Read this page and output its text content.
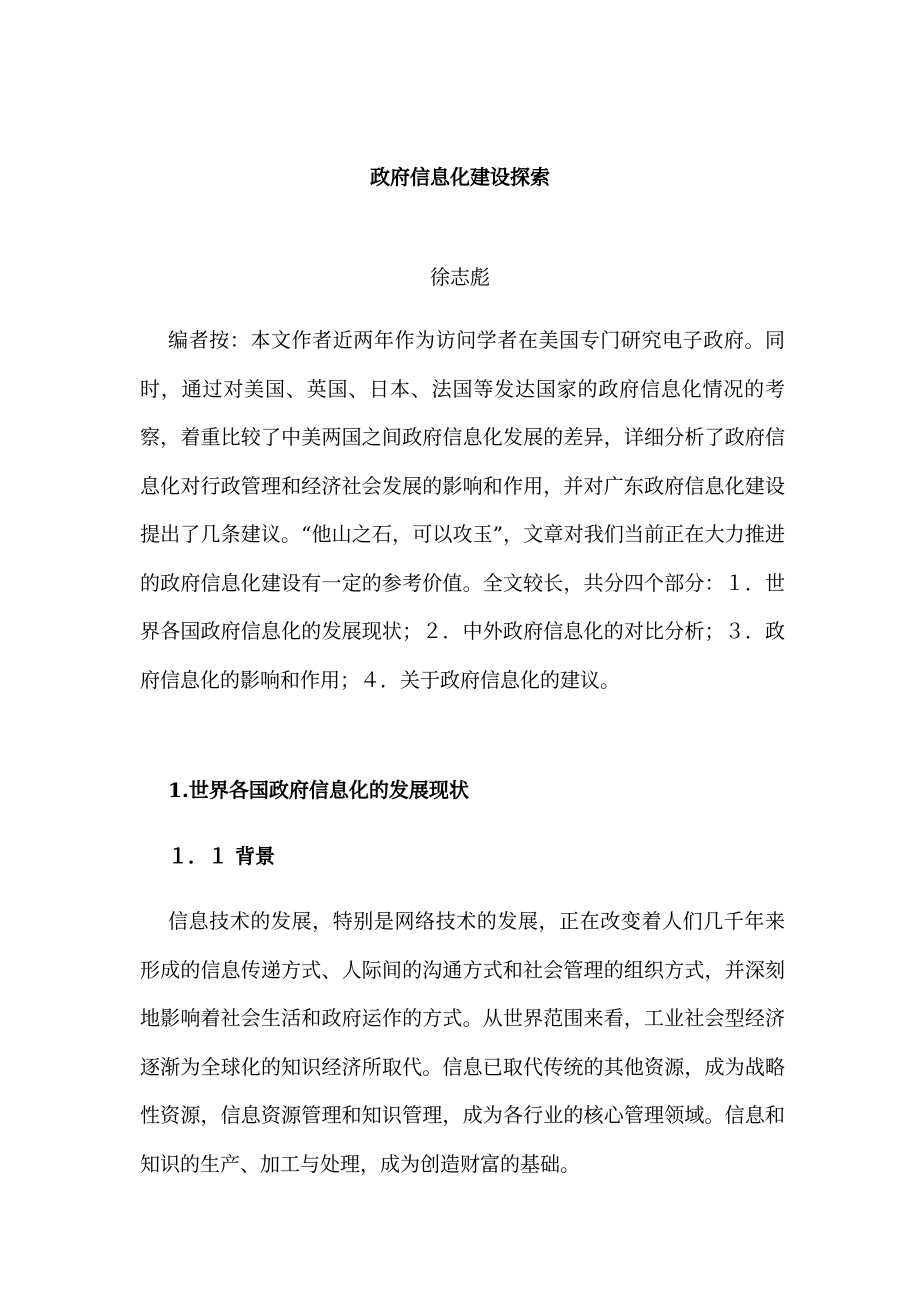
政府信息化建设探索
徐志彪

编者按：本文作者近两年作为访问学者在美国专门研究电子政府。同时，通过对美国、英国、日本、法国等发达国家的政府信息化情况的考察，着重比较了中美两国之间政府信息化发展的差异，详细分析了政府信息化对行政管理和经济社会发展的影响和作用，并对广东政府信息化建设提出了几条建议。“他山之石，可以攻玉”，文章对我们当前正在大力推进的政府信息化建设有一定的参考价值。全文较长，共分四个部分：１．世界各国政府信息化的发展现状；２．中外政府信息化的对比分析；３．政府信息化的影响和作用；４．关于政府信息化的建议。

1.世界各国政府信息化的发展现状
１．１ 背景

信息技术的发展，特别是网络技术的发展，正在改变着人们几千年来形成的信息传递方式、人际间的沟通方式和社会管理的组织方式，并深刻地影响着社会生活和政府运作的方式。从世界范围来看，工业社会型经济逐渐为全球化的知识经济所取代。信息已取代传统的其他资源，成为战略性资源，信息资源管理和知识管理，成为各行业的核心管理领域。信息和知识的生产、加工与处理，成为创造财富的基础。
